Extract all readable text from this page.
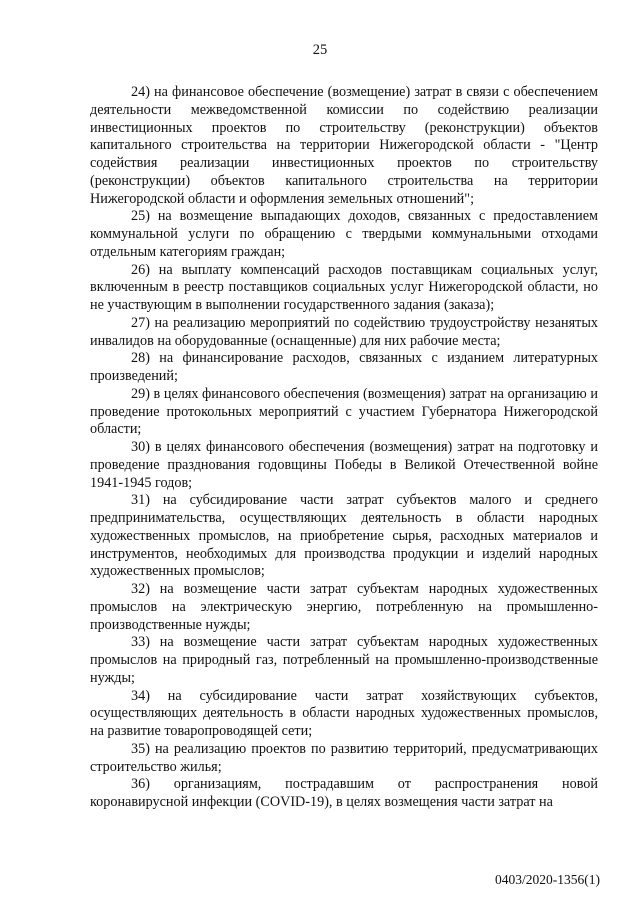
25

24) на финансовое обеспечение (возмещение) затрат в связи с обеспечением деятельности межведомственной комиссии по содействию реализации инвестиционных проектов по строительству (реконструкции) объектов капитального строительства на территории Нижегородской области - "Центр содействия реализации инвестиционных проектов по строительству (реконструкции) объектов капитального строительства на территории Нижегородской области и оформления земельных отношений";

25) на возмещение выпадающих доходов, связанных с предоставлением коммунальной услуги по обращению с твердыми коммунальными отходами отдельным категориям граждан;

26) на выплату компенсаций расходов поставщикам социальных услуг, включенным в реестр поставщиков социальных услуг Нижегородской области, но не участвующим в выполнении государственного задания (заказа);

27) на реализацию мероприятий по содействию трудоустройству незанятых инвалидов на оборудованные (оснащенные) для них рабочие места;

28) на финансирование расходов, связанных с изданием литературных произведений;

29) в целях финансового обеспечения (возмещения) затрат на организацию и проведение протокольных мероприятий с участием Губернатора Нижегородской области;

30) в целях финансового обеспечения (возмещения) затрат на подготовку и проведение празднования годовщины Победы в Великой Отечественной войне 1941-1945 годов;

31) на субсидирование части затрат субъектов малого и среднего предпринимательства, осуществляющих деятельность в области народных художественных промыслов, на приобретение сырья, расходных материалов и инструментов, необходимых для производства продукции и изделий народных художественных промыслов;

32) на возмещение части затрат субъектам народных художественных промыслов на электрическую энергию, потребленную на промышленно-производственные нужды;

33) на возмещение части затрат субъектам народных художественных промыслов на природный газ, потребленный на промышленно-производственные нужды;

34) на субсидирование части затрат хозяйствующих субъектов, осуществляющих деятельность в области народных художественных промыслов, на развитие товаропроводящей сети;

35) на реализацию проектов по развитию территорий, предусматривающих строительство жилья;

36) организациям, пострадавшим от распространения новой коронавирусной инфекции (COVID-19), в целях возмещения части затрат на

0403/2020-1356(1)
